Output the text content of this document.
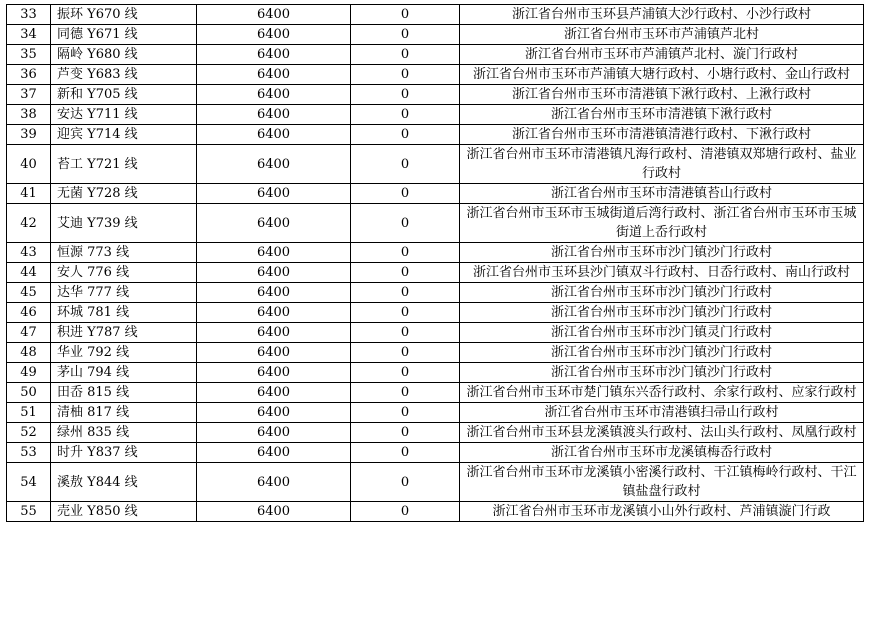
33	振环 Y670 线	6400	0	浙江省台州市玉环县芦浦镇大沙行政村、小沙行政村
34	同德 Y671 线	6400	0	浙江省台州市玉环市芦浦镇芦北村
35	隔岭 Y680 线	6400	0	浙江省台州市玉环市芦浦镇芦北村、漩门行政村
36	芦变 Y683 线	6400	0	浙江省台州市玉环市芦浦镇大塘行政村、小塘行政村、金山行政村
37	新和 Y705 线	6400	0	浙江省台州市玉环市清港镇下湫行政村、上湫行政村
38	安达 Y711 线	6400	0	浙江省台州市玉环市清港镇下湫行政村
39	迎宾 Y714 线	6400	0	浙江省台州市玉环市清港镇清港行政村、下湫行政村
40	苔工 Y721 线	6400	0	浙江省台州市玉环市清港镇凡海行政村、清港镇双郑塘行政村、盐业行政村
41	无菌 Y728 线	6400	0	浙江省台州市玉环市清港镇苔山行政村
42	艾迪 Y739 线	6400	0	浙江省台州市玉环市玉城街道后湾行政村、浙江省台州市玉环市玉城街道上岙行政村
43	恒源 773 线	6400	0	浙江省台州市玉环市沙门镇沙门行政村
44	安人 776 线	6400	0	浙江省台州市玉环县沙门镇双斗行政村、日岙行政村、南山行政村
45	达华 777 线	6400	0	浙江省台州市玉环市沙门镇沙门行政村
46	环城 781 线	6400	0	浙江省台州市玉环市沙门镇沙门行政村
47	积进 Y787 线	6400	0	浙江省台州市玉环市沙门镇灵门行政村
48	华业 792 线	6400	0	浙江省台州市玉环市沙门镇沙门行政村
49	茅山 794 线	6400	0	浙江省台州市玉环市沙门镇沙门行政村
50	田岙 815 线	6400	0	浙江省台州市玉环市楚门镇东兴岙行政村、余家行政村、应家行政村
51	清柚 817 线	6400	0	浙江省台州市玉环市清港镇扫帚山行政村
52	绿州 835 线	6400	0	浙江省台州市玉环县龙溪镇渡头行政村、法山头行政村、凤凰行政村
53	时升 Y837 线	6400	0	浙江省台州市玉环市龙溪镇梅岙行政村
54	溪敖 Y844 线	6400	0	浙江省台州市玉环市龙溪镇小密溪行政村、干江镇梅岭行政村、干江镇盐盘行政村
55	売业 Y850 线	6400	0	浙江省台州市玉环市龙溪镇小山外行政村、芦浦镇漩门行政
